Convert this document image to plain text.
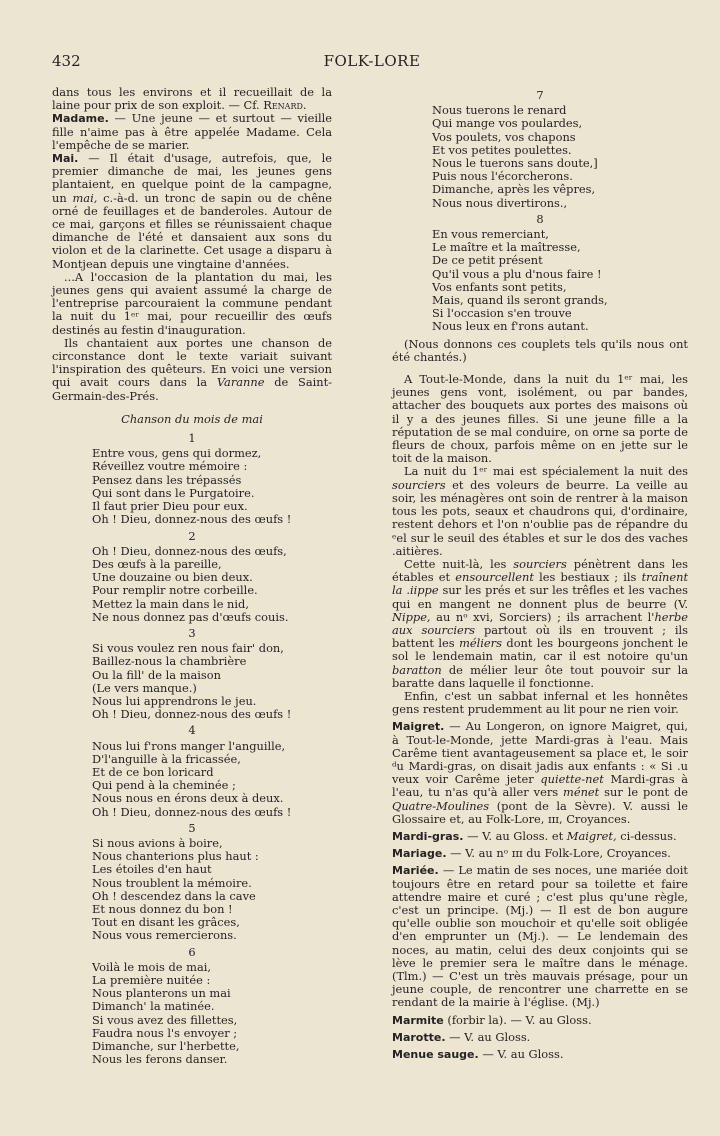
432	FOLK-LORE

dans tous les environs et il recueillait de la laine pour prix de son exploit. — Cf. Renard.

Madame. — Une jeune — et surtout — vieille fille n'aime pas à être appelée Madame. Cela l'empêche de se marier.

Mai. — Il était d'usage, autrefois, que, le premier dimanche de mai, les jeunes gens plantaient, en quelque point de la campagne, un mai, c.-à-d. un tronc de sapin ou de chêne orné de feuillages et de banderoles. Autour de ce mai, garçons et filles se réunissaient chaque dimanche de l'été et dansaient aux sons du violon et de la clarinette. Cet usage a disparu à Montjean depuis une vingtaine d'années.

...A l'occasion de la plantation du mai, les jeunes gens qui avaient assumé la charge de l'entreprise parcouraient la commune pendant la nuit du 1ᵉʳ mai, pour recueillir des œufs destinés au festin d'inauguration.

Ils chantaient aux portes une chanson de circonstance dont le texte variait suivant l'inspiration des quêteurs. En voici une version qui avait cours dans la Varanne de Saint-Germain-des-Prés.

Chanson du mois de mai
1
Entre vous, gens qui dormez,
Réveillez voutre mémoire :
Pensez dans les trépassés
Qui sont dans le Purgatoire.
Il faut prier Dieu pour eux.
Oh ! Dieu, donnez-nous des œufs !
2
Oh ! Dieu, donnez-nous des œufs,
Des œufs à la pareille,
Une douzaine ou bien deux.
Pour remplir notre corbeille.
Mettez la main dans le nid,
Ne nous donnez pas d'œufs couis.
3
Si vous voulez ren nous fair' don,
Baillez-nous la chambrière
Ou la fill' de la maison
(Le vers manque.)
Nous lui apprendrons le jeu.
Oh ! Dieu, donnez-nous des œufs !
4
Nous lui f'rons manger l'anguille,
D'l'anguille à la fricassée,
Et de ce bon loricard
Qui pend à la cheminée ;
Nous nous en érons deux à deux.
Oh ! Dieu, donnez-nous des œufs !
5
Si nous avions à boire,
Nous chanterions plus haut :
Les étoiles d'en haut
Nous troublent la mémoire.
Oh ! descendez dans la cave
Et nous donnez du bon !
Tout en disant les grâces,
Nous vous remercierons.
6
Voilà le mois de mai,
La première nuitée :
Nous planterons un mai
Dimanch' la matinée.
Si vous avez des fillettes,
Faudra nous l's envoyer ;
Dimanche, sur l'herbette,
Nous les ferons danser.
7
Nous tuerons le renard
Qui mange vos poulardes,
Vos poulets, vos chapons
Et vos petites poulettes.
Nous le tuerons sans doute,]
Puis nous l'écorcherons.
Dimanche, après les vêpres,
Nous nous divertirons.,
8
En vous remerciant,
Le maître et la maîtresse,
De ce petit présent
Qu'il vous a plu d'nous faire !
Vos enfants sont petits,
Mais, quand ils seront grands,
Si l'occasion s'en trouve
Nous leux en f'rons autant.

(Nous donnons ces couplets tels qu'ils nous ont été chantés.)

A Tout-le-Monde, dans la nuit du 1ᵉʳ mai, les jeunes gens vont, isolément, ou par bandes, attacher des bouquets aux portes des maisons où il y a des jeunes filles. Si une jeune fille a la réputation de se mal conduire, on orne sa porte de fleurs de choux, parfois même on en jette sur le toit de la maison.

La nuit du 1ᵉʳ mai est spécialement la nuit des sourciers et des voleurs de beurre. La veille au soir, les ménagères ont soin de rentrer à la maison tous les pots, seaux et chaudrons qui, d'ordinaire, restent dehors et l'on n'oublie pas de répandre du ᵉel sur le seuil des étables et sur le dos des vaches .aitières.

Cette nuit-là, les sourciers pénètrent dans les étables et ensourcellent les bestiaux ; ils traînent la .iippe sur les prés et sur les trêfles et les vaches qui en mangent ne donnent plus de beurre (V. Nippe, au nᵒ xvi, Sorciers) ; ils arrachent l'herbe aux sourciers partout où ils en trouvent ; ils battent les méliers dont les bourgeons jonchent le sol le lendemain matin, car il est notoire qu'un baratton de mélier leur ôte tout pouvoir sur la baratte dans laquelle il fonctionne.

Enfin, c'est un sabbat infernal et les honnêtes gens restent prudemment au lit pour ne rien voir.

Maigret. — Au Longeron, on ignore Maigret, qui, à Tout-le-Monde, jette Mardi-gras à l'eau. Mais Carême tient avantageusement sa place et, le soir ᵈu Mardi-gras, on disait jadis aux enfants : « Si .u veux voir Carême jeter quiette-net Mardi-gras à l'eau, tu n'as qu'à aller vers ménet sur le pont de Quatre-Moulines (pont de la Sèvre). V. aussi le Glossaire et, au Folk-Lore, ɪɪɪ, Croyances.

Mardi-gras. — V. au Gloss. et Maigret, ci-dessus.

Mariage. — V. au nᵒ ɪɪɪ du Folk-Lore, Croyances.

Mariée. — Le matin de ses noces, une mariée doit toujours être en retard pour sa toilette et faire attendre maire et curé ; c'est plus qu'une règle, c'est un principe. (Mj.) — Il est de bon augure qu'elle oublie son mouchoir et qu'elle soit obligée d'en emprunter un (Mj.). — Le lendemain des noces, au matin, celui des deux conjoints qui se lève le premier sera le maître dans le ménage. (Tlm.) — C'est un très mauvais présage, pour un jeune couple, de rencontrer une charrette en se rendant de la mairie à l'église. (Mj.)

Marmite (forbir la). — V. au Gloss.

Marotte. — V. au Gloss.

Menue sauge. — V. au Gloss.
